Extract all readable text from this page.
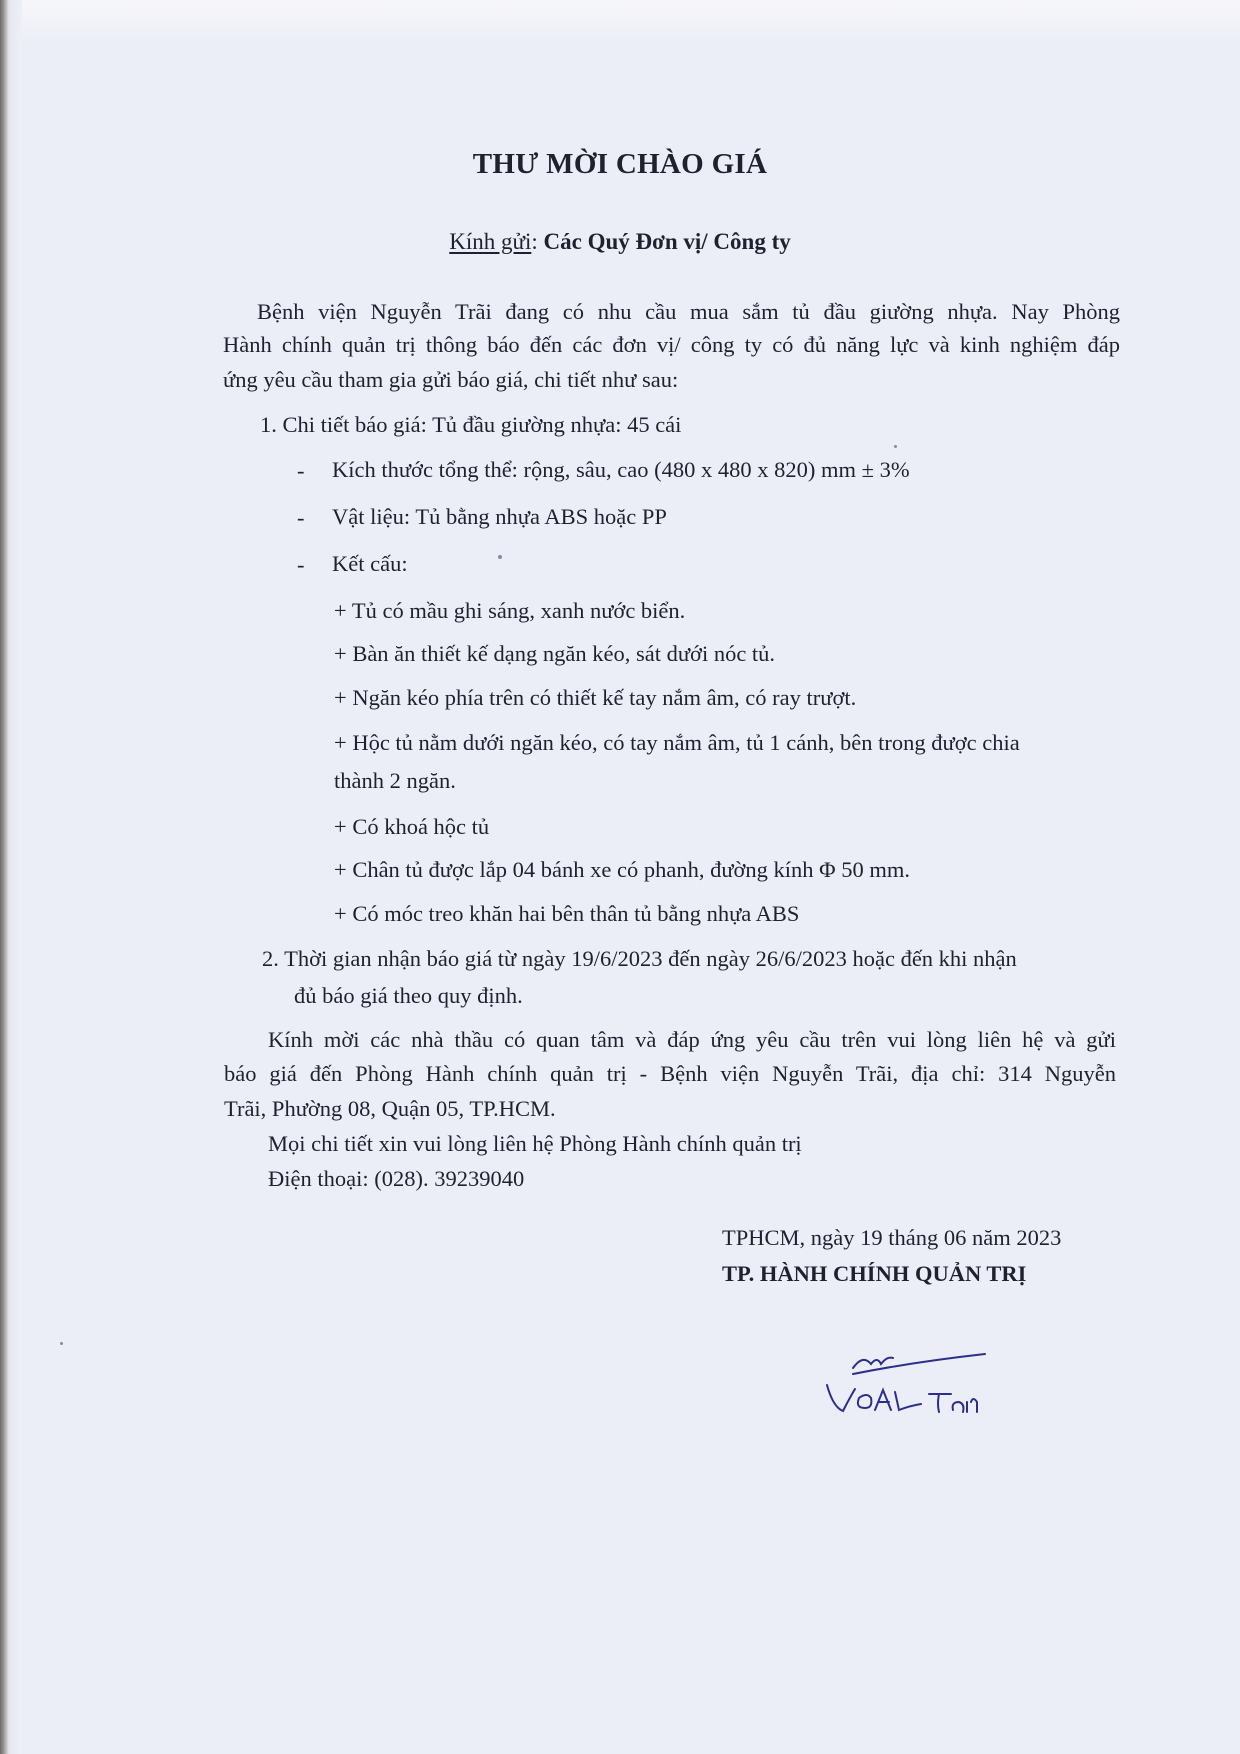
THƯ MỜI CHÀO GIÁ
Kính gửi: Các Quý Đơn vị/ Công ty
Bệnh viện Nguyễn Trãi đang có nhu cầu mua sắm tủ đầu giường nhựa. Nay Phòng
Hành chính quản trị thông báo đến các đơn vị/ công ty có đủ năng lực và kinh nghiệm đáp
ứng yêu cầu tham gia gửi báo giá, chi tiết như sau:
1. Chi tiết báo giá: Tủ đầu giường nhựa: 45 cái
- Kích thước tổng thể: rộng, sâu, cao (480 x 480 x 820) mm ± 3%
- Vật liệu: Tủ bằng nhựa ABS hoặc PP
- Kết cấu:
+ Tủ có mầu ghi sáng, xanh nước biển.
+ Bàn ăn thiết kế dạng ngăn kéo, sát dưới nóc tủ.
+ Ngăn kéo phía trên có thiết kế tay nắm âm, có ray trượt.
+ Hộc tủ nằm dưới ngăn kéo, có tay nắm âm, tủ 1 cánh, bên trong được chia
thành 2 ngăn.
+ Có khoá hộc tủ
+ Chân tủ được lắp 04 bánh xe có phanh, đường kính Φ 50 mm.
+ Có móc treo khăn hai bên thân tủ bằng nhựa ABS
2. Thời gian nhận báo giá từ ngày 19/6/2023 đến ngày 26/6/2023 hoặc đến khi nhận
đủ báo giá theo quy định.
Kính mời các nhà thầu có quan tâm và đáp ứng yêu cầu trên vui lòng liên hệ và gửi
báo giá đến Phòng Hành chính quản trị - Bệnh viện Nguyễn Trãi, địa chỉ: 314 Nguyễn
Trãi, Phường 08, Quận 05, TP.HCM.
Mọi chi tiết xin vui lòng liên hệ Phòng Hành chính quản trị
Điện thoại: (028). 39239040
TPHCM, ngày 19 tháng 06 năm 2023
TP. HÀNH CHÍNH QUẢN TRỊ
